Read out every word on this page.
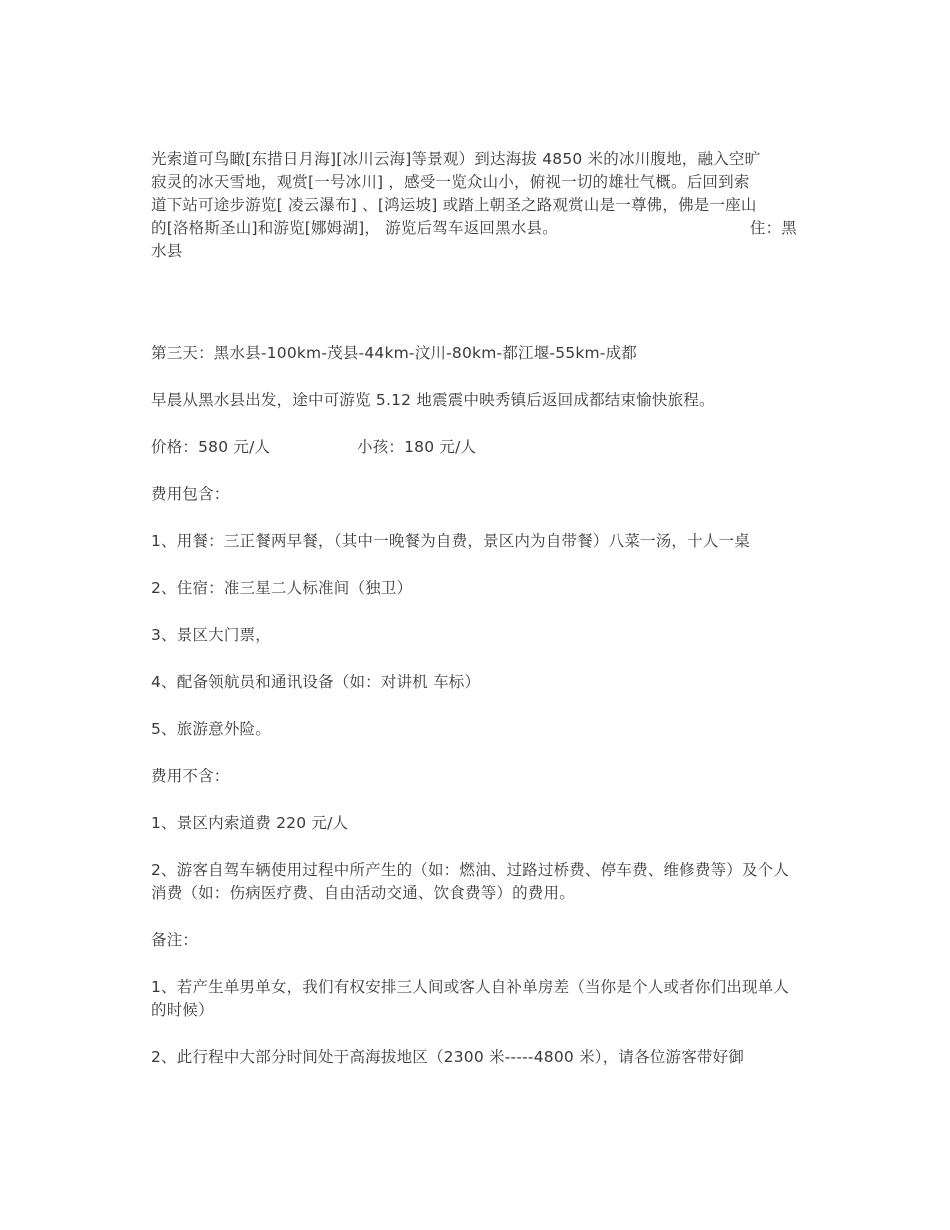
光索道可鸟瞰[东措日月海][冰川云海]等景观）到达海拔 4850 米的冰川腹地，融入空旷
寂灵的冰天雪地，观赏[一号冰川] ，感受一览众山小，俯视一切的雄壮气概。后回到索
道下站可途步游览[ 凌云瀑布] 、[鸿运坡] 或踏上朝圣之路观赏山是一尊佛，佛是一座山
的[洛格斯圣山]和游览[娜姆湖]， 游览后驾车返回黑水县。	住：黑
水县

第三天：黑水县-100km-茂县-44km-汶川-80km-都江堰-55km-成都

早晨从黑水县出发，途中可游览 5.12 地震震中映秀镇后返回成都结束愉快旅程。

价格：580 元/人	小孩：180 元/人

费用包含：

1、用餐：三正餐两早餐，（其中一晚餐为自费，景区内为自带餐）八菜一汤，十人一桌

2、住宿：准三星二人标准间（独卫）

3、景区大门票，

4、配备领航员和通讯设备（如：对讲机 车标）

5、旅游意外险。

费用不含：

1、景区内索道费 220 元/人

2、游客自驾车辆使用过程中所产生的（如：燃油、过路过桥费、停车费、维修费等）及个人消费（如：伤病医疗费、自由活动交通、饮食费等）的费用。

备注：

1、若产生单男单女，我们有权安排三人间或客人自补单房差（当你是个人或者你们出现单人的时候）

2、此行程中大部分时间处于高海拔地区（2300 米-----4800 米），请各位游客带好御
